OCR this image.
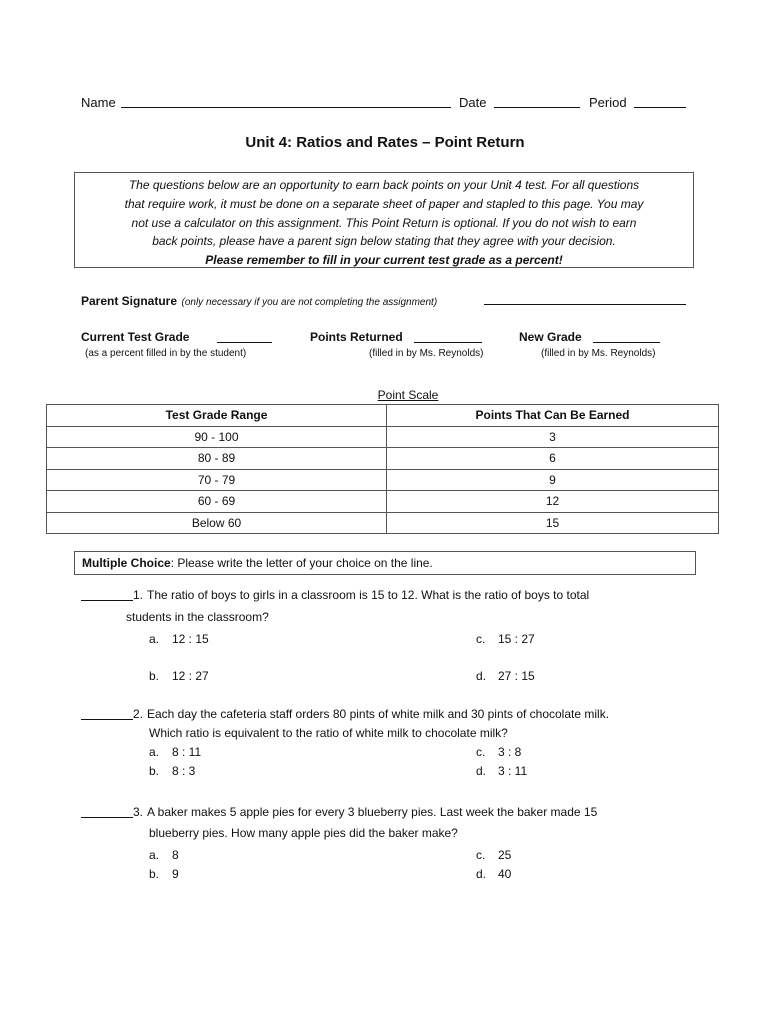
Name	Date	Period
Unit 4: Ratios and Rates – Point Return
The questions below are an opportunity to earn back points on your Unit 4 test. For all questions
that require work, it must be done on a separate sheet of paper and stapled to this page. You may
not use a calculator on this assignment. This Point Return is optional. If you do not wish to earn
back points, please have a parent sign below stating that they agree with your decision.
Please remember to fill in your current test grade as a percent!
Parent Signature (only necessary if you are not completing the assignment)
Current Test Grade	Points Returned	New Grade
(as a percent filled in by the student)	(filled in by Ms. Reynolds)	(filled in by Ms. Reynolds)
Point Scale
Test Grade Range	Points That Can Be Earned
90 - 100	3
80 - 89	6
70 - 79	9
60 - 69	12
Below 60	15
Multiple Choice: Please write the letter of your choice on the line.
1. The ratio of boys to girls in a classroom is 15 to 12. What is the ratio of boys to total
students in the classroom?
a. 12 : 15	c. 15 : 27
b. 12 : 27	d. 27 : 15
2. Each day the cafeteria staff orders 80 pints of white milk and 30 pints of chocolate milk.
Which ratio is equivalent to the ratio of white milk to chocolate milk?
a. 8 : 11	c. 3 : 8
b. 8 : 3	d. 3 : 11
3. A baker makes 5 apple pies for every 3 blueberry pies. Last week the baker made 15
blueberry pies. How many apple pies did the baker make?
a. 8	c. 25
b. 9	d. 40
